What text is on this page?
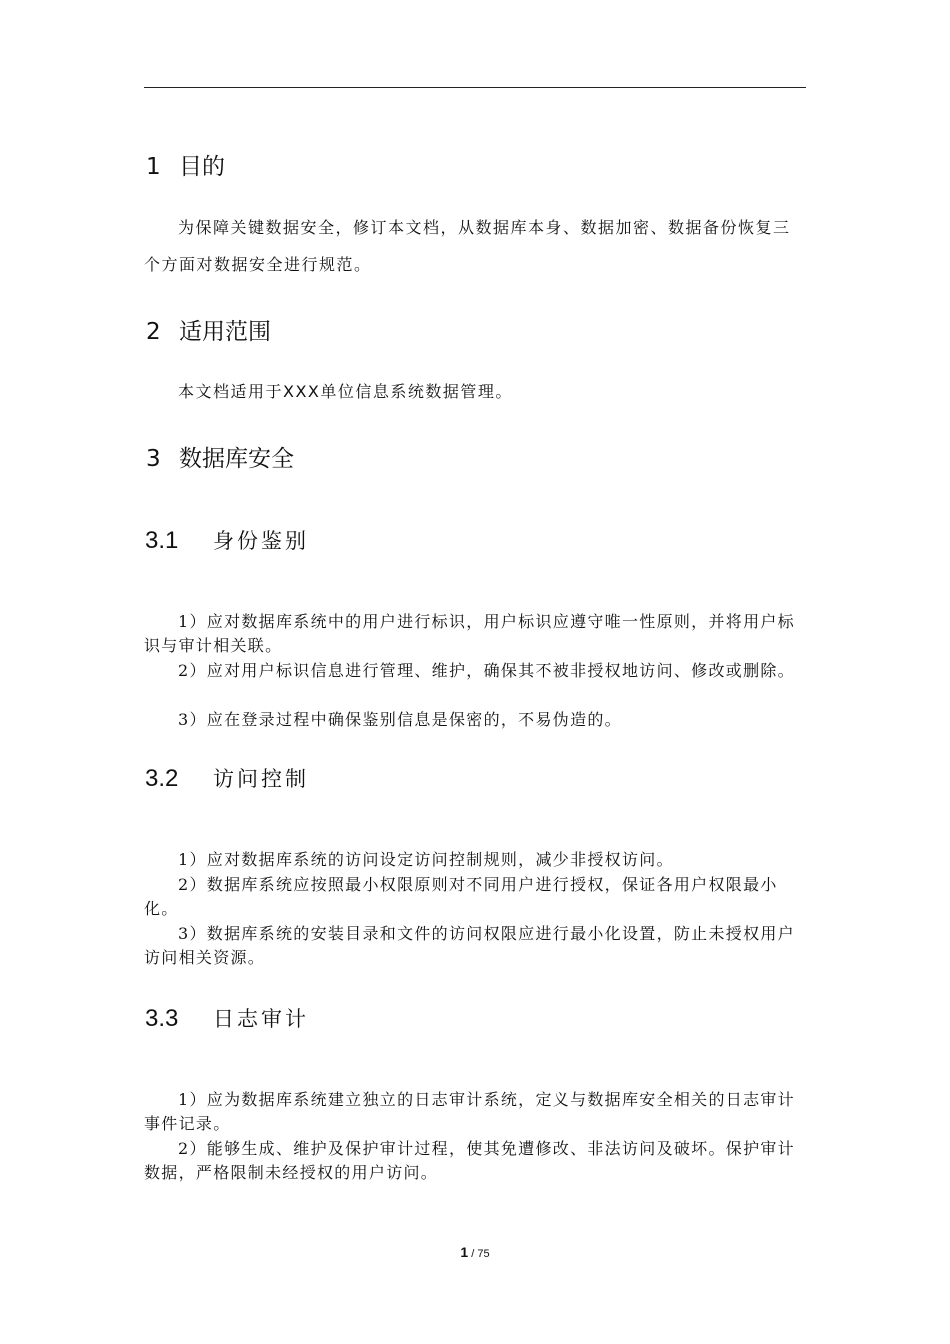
1 目的
为保障关键数据安全，修订本文档，从数据库本身、数据加密、数据备份恢复三个方面对数据安全进行规范。
2 适用范围
本文档适用于XXX单位信息系统数据管理。
3 数据库安全
3.1 身份鉴别
1）应对数据库系统中的用户进行标识，用户标识应遵守唯一性原则，并将用户标识与审计相关联。
2）应对用户标识信息进行管理、维护，确保其不被非授权地访问、修改或删除。
3）应在登录过程中确保鉴别信息是保密的，不易伪造的。
3.2 访问控制
1）应对数据库系统的访问设定访问控制规则，减少非授权访问。
2）数据库系统应按照最小权限原则对不同用户进行授权，保证各用户权限最小化。
3）数据库系统的安装目录和文件的访问权限应进行最小化设置，防止未授权用户访问相关资源。
3.3 日志审计
1）应为数据库系统建立独立的日志审计系统，定义与数据库安全相关的日志审计事件记录。
2）能够生成、维护及保护审计过程，使其免遭修改、非法访问及破坏。保护审计数据，严格限制未经授权的用户访问。
1 / 75
